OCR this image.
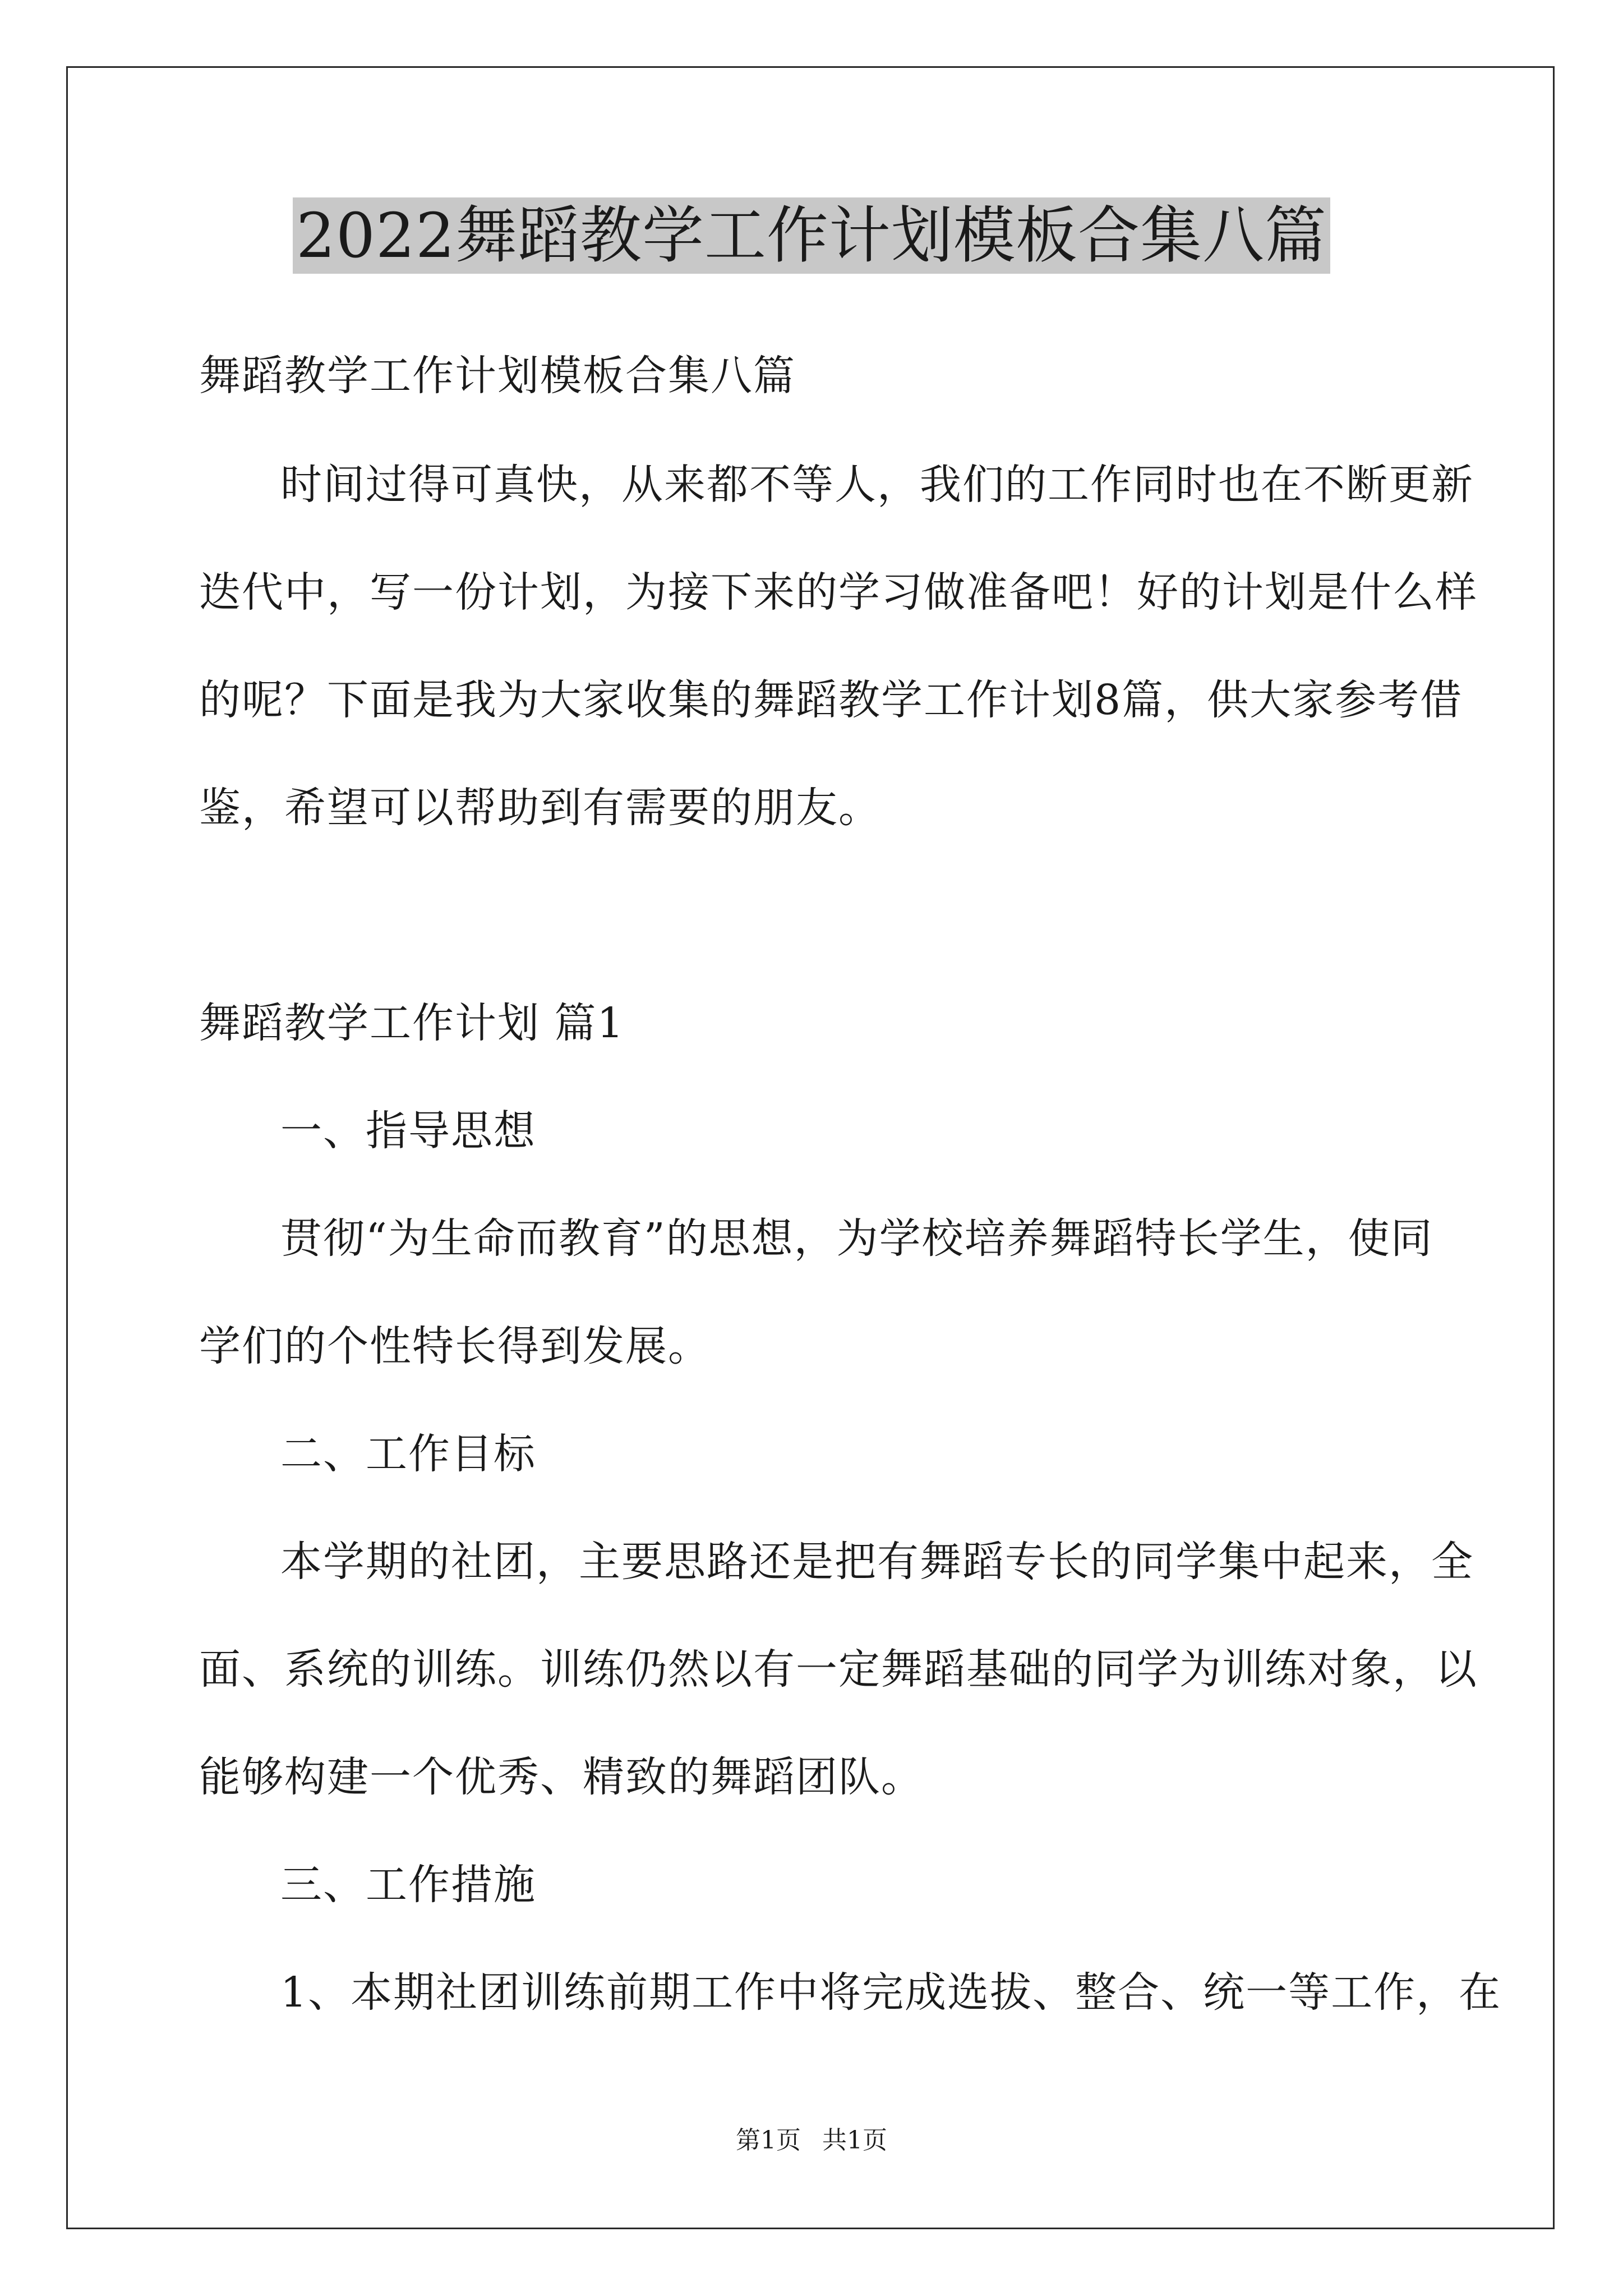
2022舞蹈教学工作计划模板合集八篇
舞蹈教学工作计划模板合集八篇
时间过得可真快，从来都不等人，我们的工作同时也在不断更新
迭代中，写一份计划，为接下来的学习做准备吧！好的计划是什么样
的呢？下面是我为大家收集的舞蹈教学工作计划8篇，供大家参考借
鉴，希望可以帮助到有需要的朋友。
舞蹈教学工作计划 篇1
一、指导思想
贯彻“为生命而教育”的思想，为学校培养舞蹈特长学生，使同
学们的个性特长得到发展。
二、工作目标
本学期的社团，主要思路还是把有舞蹈专长的同学集中起来，全
面、系统的训练。训练仍然以有一定舞蹈基础的同学为训练对象，以
能够构建一个优秀、精致的舞蹈团队。
三、工作措施
1、本期社团训练前期工作中将完成选拔、整合、统一等工作，在
第1页 共1页
